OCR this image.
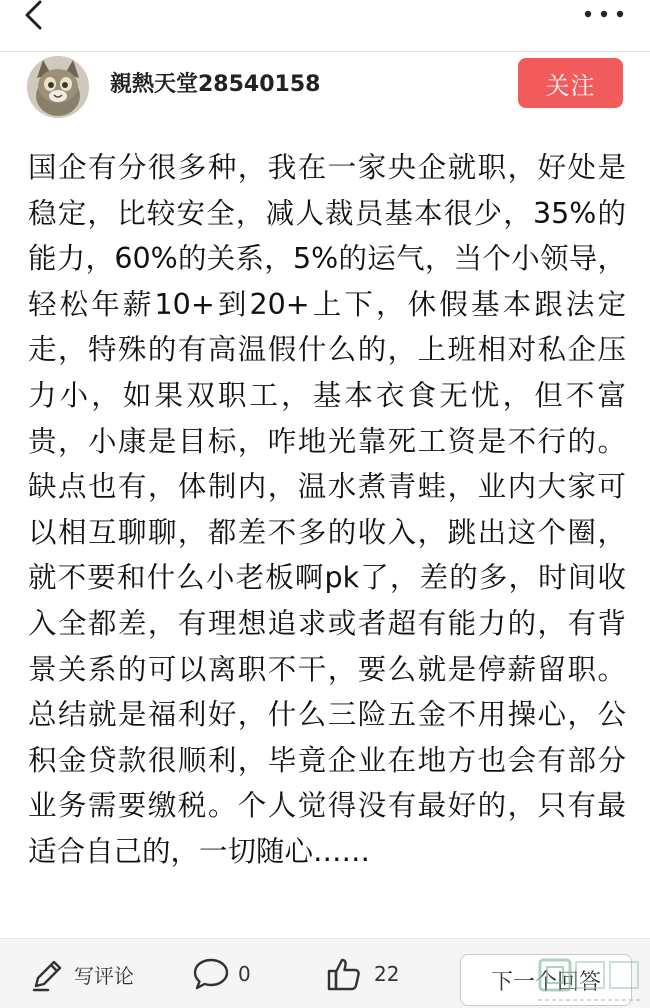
親熱天堂28540158	关注
国企有分很多种，我在一家央企就职，好处是稳定，比较安全，减人裁员基本很少，35%的能力，60%的关系，5%的运气，当个小领导，轻松年薪10+到20+上下，休假基本跟法定走，特殊的有高温假什么的，上班相对私企压力小，如果双职工，基本衣食无忧，但不富贵，小康是目标，咋地光靠死工资是不行的。缺点也有，体制内，温水煮青蛙，业内大家可以相互聊聊，都差不多的收入，跳出这个圈，就不要和什么小老板啊pk了，差的多，时间收入全都差，有理想追求或者超有能力的，有背景关系的可以离职不干，要么就是停薪留职。总结就是福利好，什么三险五金不用操心，公积金贷款很顺利，毕竟企业在地方也会有部分业务需要缴税。个人觉得没有最好的，只有最适合自己的，一切随心……
写评论	0	22	下一个回答
